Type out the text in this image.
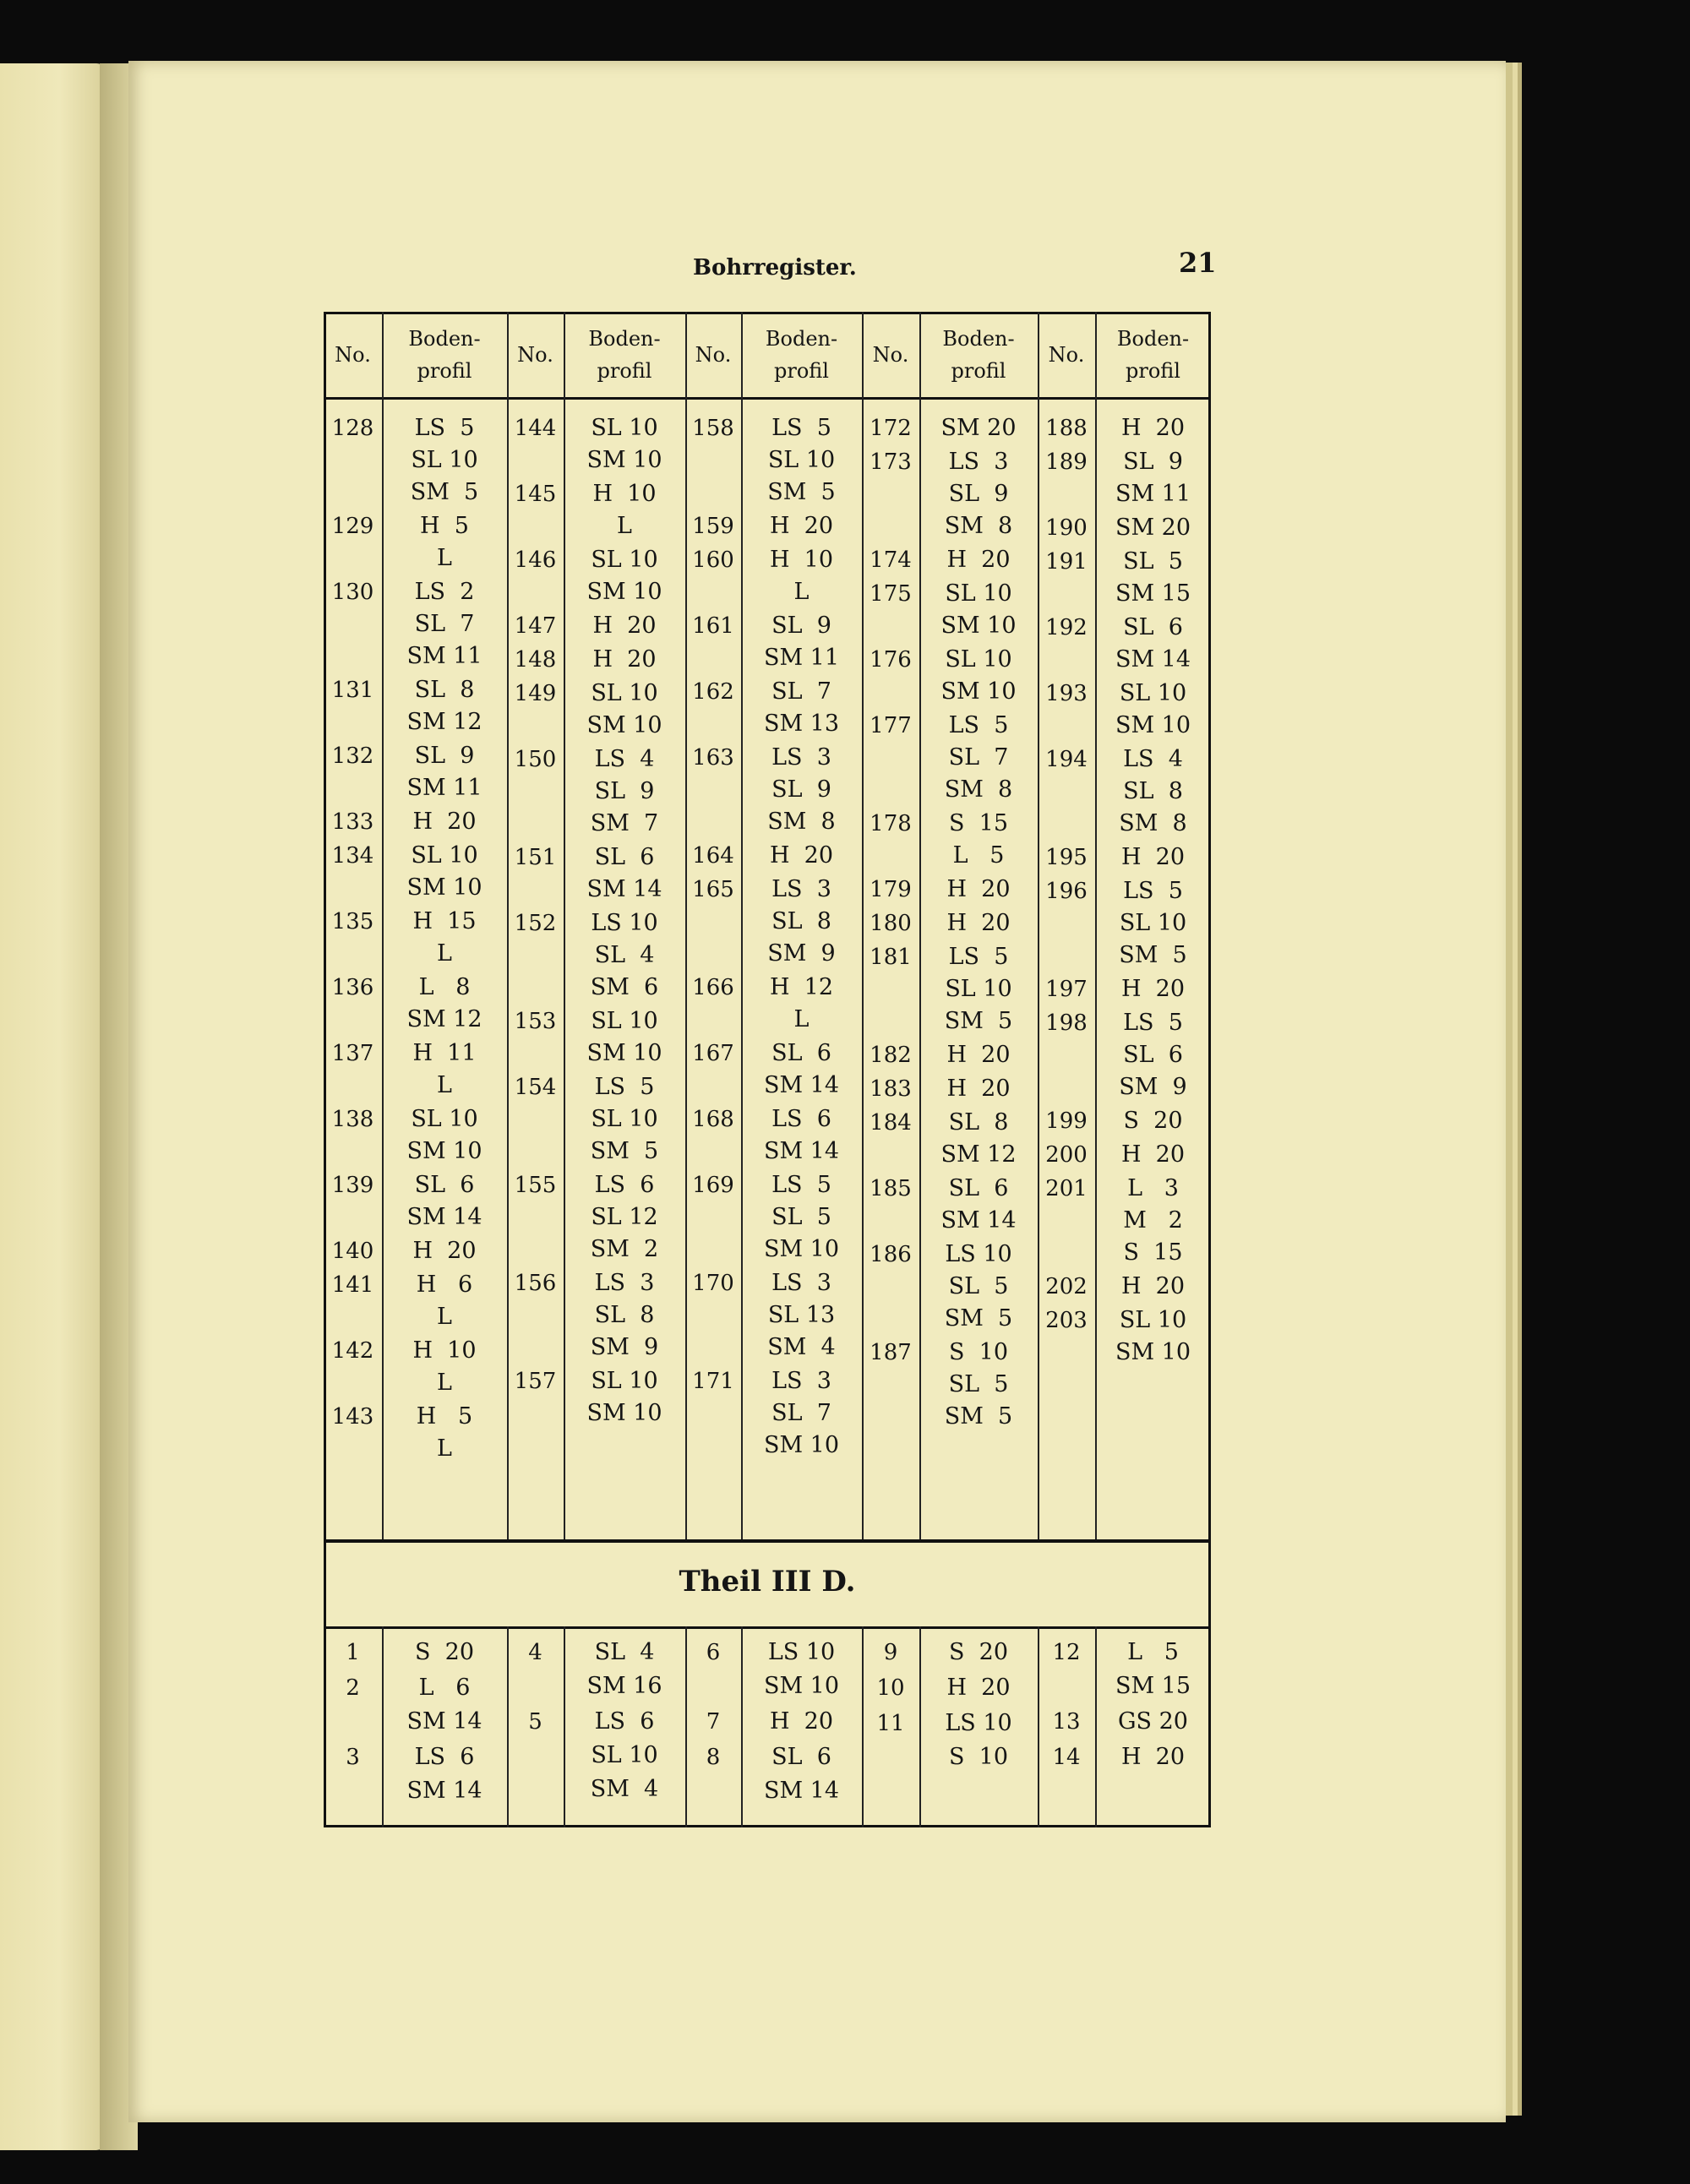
Bohrregister.	21
No.
Boden-
profil
No.
Boden-
profil
No.
Boden-
profil
No.
Boden-
profil
No.
Boden-
profil
128	LS  5
SL 10
SM  5
129	H  5
L
130	LS  2
SL  7
SM 11
131	SL  8
SM 12
132	SL  9
SM 11
133	H  20
134	SL 10
SM 10
135	H  15
L
136	L   8
SM 12
137	H  11
L
138	SL 10
SM 10
139	SL  6
SM 14
140	H  20
141	H   6
L
142	H  10
L
143	H   5
L
144	SL 10
SM 10
145	H  10
L
146	SL 10
SM 10
147	H  20
148	H  20
149	SL 10
SM 10
150	LS  4
SL  9
SM  7
151	SL  6
SM 14
152	LS 10
SL  4
SM  6
153	SL 10
SM 10
154	LS  5
SL 10
SM  5
155	LS  6
SL 12
SM  2
156	LS  3
SL  8
SM  9
157	SL 10
SM 10
158	LS  5
SL 10
SM  5
159	H  20
160	H  10
L
161	SL  9
SM 11
162	SL  7
SM 13
163	LS  3
SL  9
SM  8
164	H  20
165	LS  3
SL  8
SM  9
166	H  12
L
167	SL  6
SM 14
168	LS  6
SM 14
169	LS  5
SL  5
SM 10
170	LS  3
SL 13
SM  4
171	LS  3
SL  7
SM 10
172	SM 20
173	LS  3
SL  9
SM  8
174	H  20
175	SL 10
SM 10
176	SL 10
SM 10
177	LS  5
SL  7
SM  8
178	S  15
L   5
179	H  20
180	H  20
181	LS  5
SL 10
SM  5
182	H  20
183	H  20
184	SL  8
SM 12
185	SL  6
SM 14
186	LS 10
SL  5
SM  5
187	S  10
SL  5
SM  5
188	H  20
189	SL  9
SM 11
190	SM 20
191	SL  5
SM 15
192	SL  6
SM 14
193	SL 10
SM 10
194	LS  4
SL  8
SM  8
195	H  20
196	LS  5
SL 10
SM  5
197	H  20
198	LS  5
SL  6
SM  9
199	S  20
200	H  20
201	L   3
M   2
S  15
202	H  20
203	SL 10
SM 10
1	S  20
2	L   6
SM 14
3	LS  6
SM 14
4	SL  4
SM 16
5	LS  6
SL 10
SM  4
6	LS 10
SM 10
7	H  20
8	SL  6
SM 14
9	S  20
10	H  20
11	LS 10
S  10
12	L   5
SM 15
13	GS 20
14	H  20
Theil III D.
